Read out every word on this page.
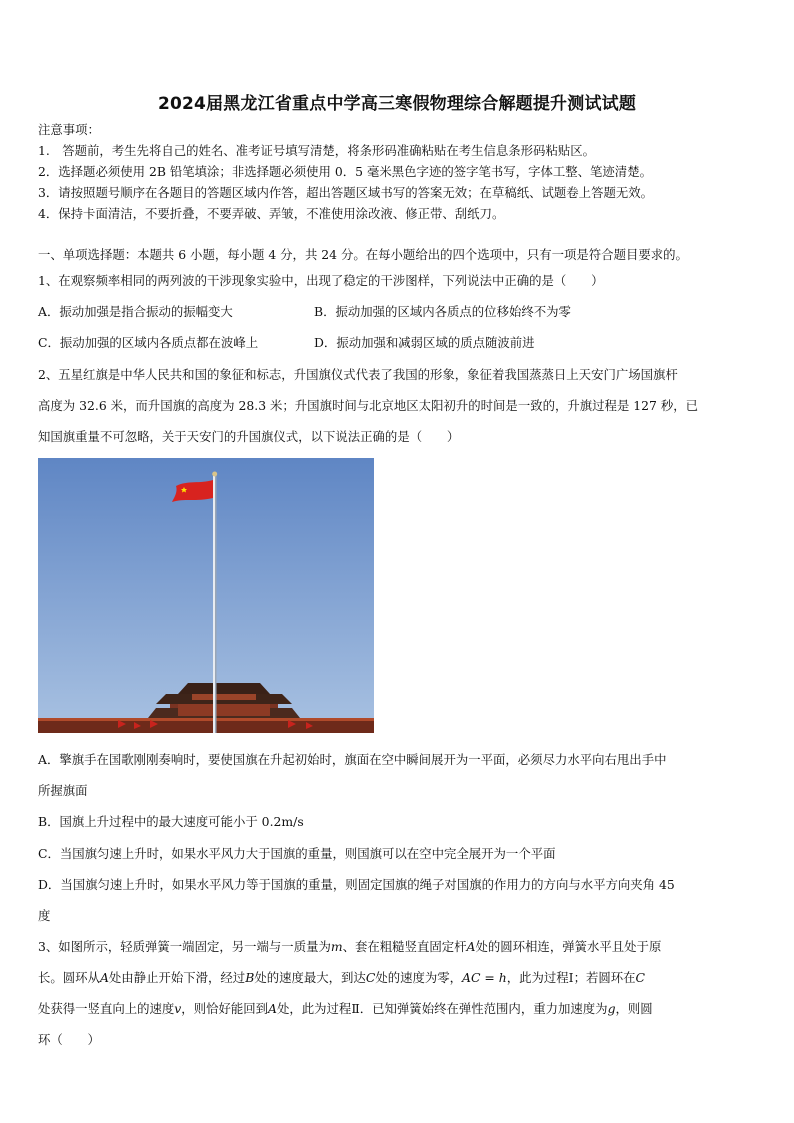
2024届黑龙江省重点中学高三寒假物理综合解题提升测试试题
注意事项：
1.　答题前，考生先将自己的姓名、准考证号填写清楚，将条形码准确粘贴在考生信息条形码粘贴区。
2．选择题必须使用 2B 铅笔填涂；非选择题必须使用 0．5 毫米黑色字迹的签字笔书写，字体工整、笔迹清楚。
3．请按照题号顺序在各题目的答题区域内作答，超出答题区域书写的答案无效；在草稿纸、试题卷上答题无效。
4．保持卡面清洁，不要折叠，不要弄破、弄皱，不准使用涂改液、修正带、刮纸刀。
一、单项选择题：本题共 6 小题，每小题 4 分，共 24 分。在每小题给出的四个选项中，只有一项是符合题目要求的。
1、在观察频率相同的两列波的干涉现象实验中，出现了稳定的干涉图样，下列说法中正确的是（　　）
A．振动加强是指合振动的振幅变大	B．振动加强的区域内各质点的位移始终不为零
C．振动加强的区域内各质点都在波峰上	D．振动加强和减弱区域的质点随波前进
2、五星红旗是中华人民共和国的象征和标志，升国旗仪式代表了我国的形象，象征着我国蒸蒸日上天安门广场国旗杆
高度为 32.6 米，而升国旗的高度为 28.3 米；升国旗时间与北京地区太阳初升的时间是一致的，升旗过程是 127 秒，已
知国旗重量不可忽略，关于天安门的升国旗仪式，以下说法正确的是（　　）
A．擎旗手在国歌刚刚奏响时，要使国旗在升起初始时，旗面在空中瞬间展开为一平面，必须尽力水平向右甩出手中
所握旗面
B．国旗上升过程中的最大速度可能小于 0.2m/s
C．当国旗匀速上升时，如果水平风力大于国旗的重量，则国旗可以在空中完全展开为一个平面
D．当国旗匀速上升时，如果水平风力等于国旗的重量，则固定国旗的绳子对国旗的作用力的方向与水平方向夹角 45
度
3、如图所示，轻质弹簧一端固定，另一端与一质量为m、套在粗糙竖直固定杆A处的圆环相连，弹簧水平且处于原
长。圆环从A处由静止开始下滑，经过B处的速度最大，到达C处的速度为零，AC = h，此为过程Ⅰ；若圆环在C
处获得一竖直向上的速度v，则恰好能回到A处，此为过程Ⅱ．已知弹簧始终在弹性范围内，重力加速度为g，则圆
环（　　）
